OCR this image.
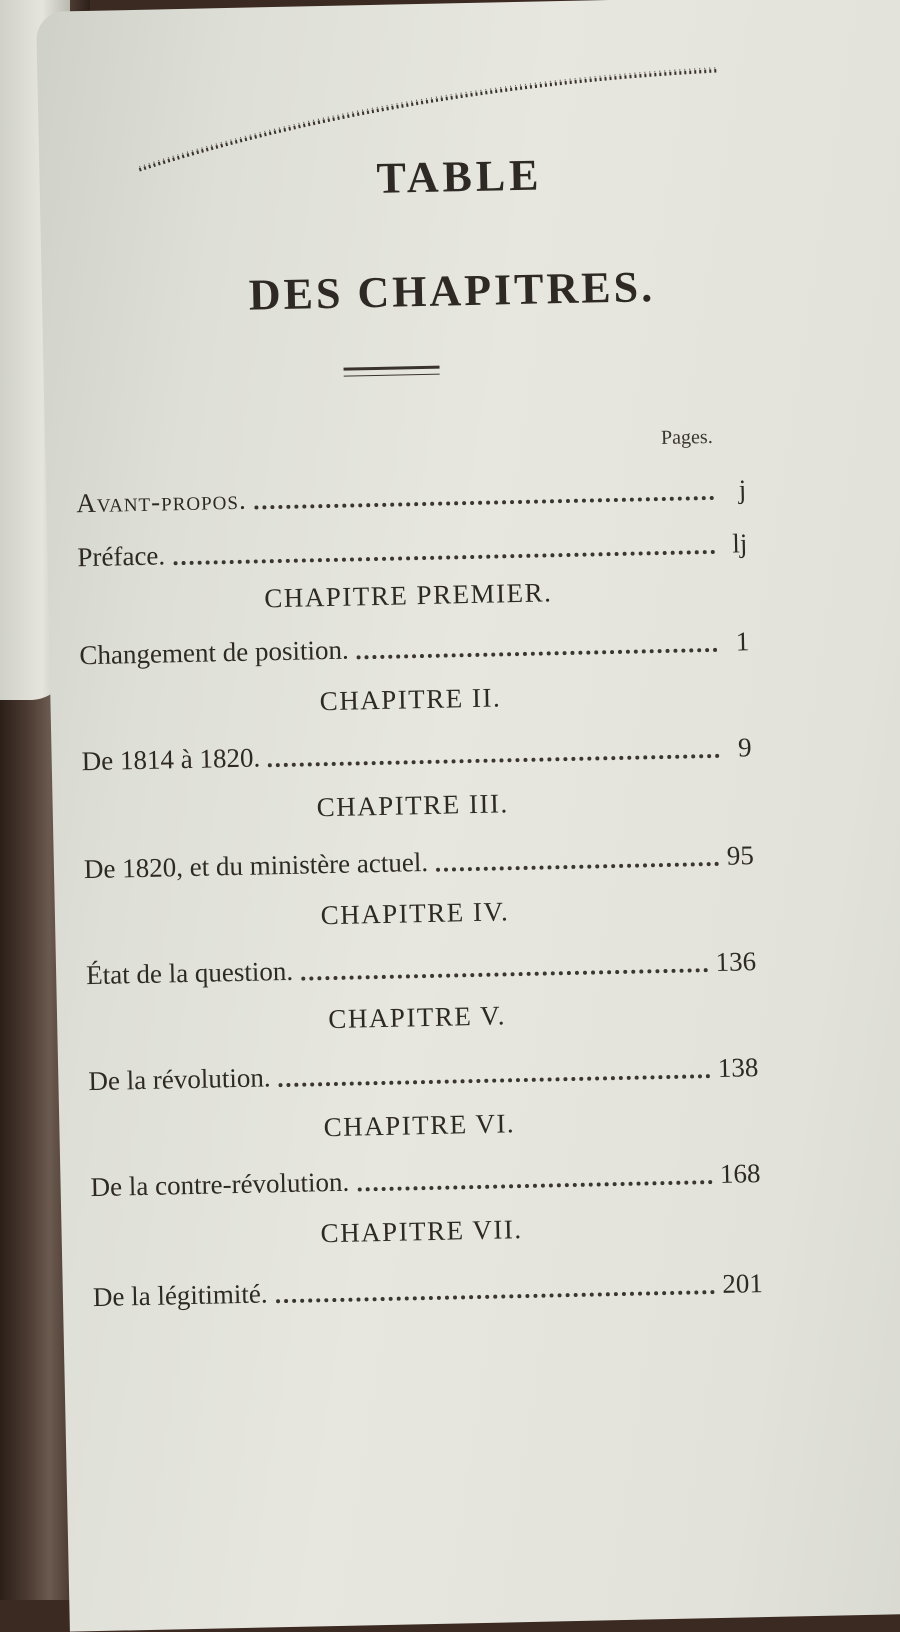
TABLE
DES CHAPITRES.
Pages.
Avant-propos.	j
Préface.	lj
CHAPITRE PREMIER.
Changement de position.	1
CHAPITRE II.
De 1814 à 1820.	9
CHAPITRE III.
De 1820, et du ministère actuel.	95
CHAPITRE IV.
État de la question.	136
CHAPITRE V.
De la révolution.	138
CHAPITRE VI.
De la contre-révolution.	168
CHAPITRE VII.
De la légitimité.	201
